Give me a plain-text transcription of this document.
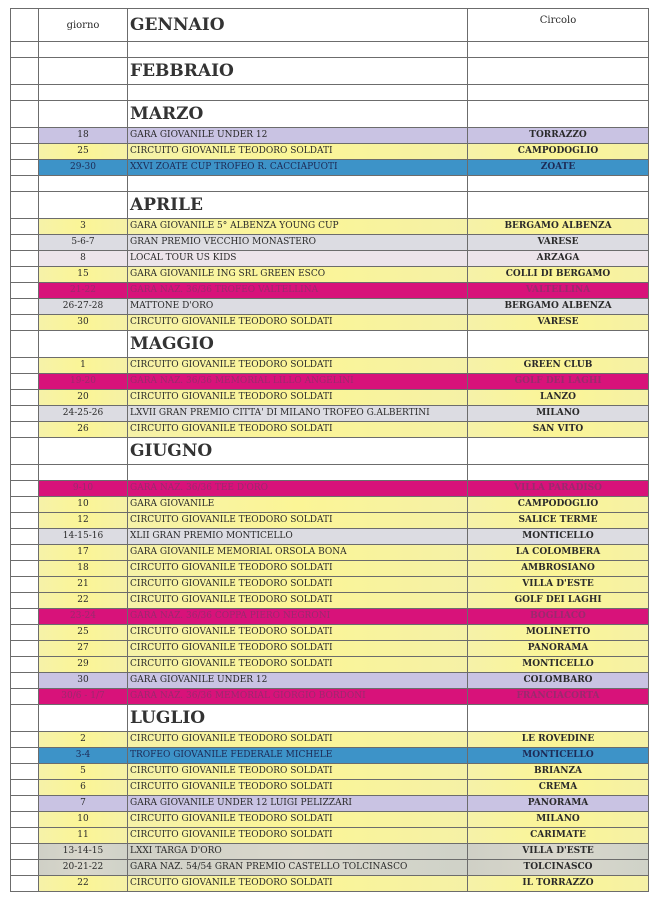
	giorno	GENNAIO	Circolo

		FEBBRAIO	

		MARZO	
	18	GARA GIOVANILE UNDER 12	TORRAZZO
	25	CIRCUITO GIOVANILE TEODORO SOLDATI	CAMPODOGLIO
	29-30	XXVI ZOATE CUP TROFEO R. CACCIAPUOTI	ZOATE

		APRILE	
	3	GARA GIOVANILE 5° ALBENZA YOUNG CUP	BERGAMO ALBENZA
	5-6-7	GRAN PREMIO VECCHIO MONASTERO	VARESE
	8	LOCAL TOUR US KIDS	ARZAGA
	15	GARA GIOVANILE ING SRL GREEN ESCO	COLLI DI BERGAMO
	21-22	GARA NAZ. 36/36 TROFEO VALTELLINA	VALTELLINA
	26-27-28	MATTONE D'ORO	BERGAMO ALBENZA
	30	CIRCUITO GIOVANILE TEODORO SOLDATI	VARESE
		MAGGIO	
	1	CIRCUITO GIOVANILE TEODORO SOLDATI	GREEN CLUB
	19-20	GARA NAZ. 36/36 MEMORIAL LILLO ANGELINI	GOLF DEI LAGHI
	20	CIRCUITO GIOVANILE TEODORO SOLDATI	LANZO
	24-25-26	LXVII GRAN PREMIO CITTA' DI MILANO TROFEO G.ALBERTINI	MILANO
	26	CIRCUITO GIOVANILE TEODORO SOLDATI	SAN VITO
		GIUGNO	

	9-10	GARA NAZ. 36/36 TEE D'ORO	VILLA PARADISO
	10	GARA GIOVANILE	CAMPODOGLIO
	12	CIRCUITO GIOVANILE TEODORO SOLDATI	SALICE TERME
	14-15-16	XLII GRAN PREMIO MONTICELLO	MONTICELLO
	17	GARA GIOVANILE MEMORIAL ORSOLA BONA	LA COLOMBERA
	18	CIRCUITO GIOVANILE TEODORO SOLDATI	AMBROSIANO
	21	CIRCUITO GIOVANILE TEODORO SOLDATI	VILLA D'ESTE
	22	CIRCUITO GIOVANILE TEODORO SOLDATI	GOLF DEI LAGHI
	23-24	GARA NAZ. 36/36 COPPA PIERO NEGRONI	BOGLIACO
	25	CIRCUITO GIOVANILE TEODORO SOLDATI	MOLINETTO
	27	CIRCUITO GIOVANILE TEODORO SOLDATI	PANORAMA
	29	CIRCUITO GIOVANILE TEODORO SOLDATI	MONTICELLO
	30	GARA GIOVANILE UNDER 12	COLOMBARO
	30/6 - 1/7	GARA NAZ. 36/36 MEMORIAL GIORGIO BORDONI	FRANCIACORTA
		LUGLIO	
	2	CIRCUITO GIOVANILE TEODORO SOLDATI	LE ROVEDINE
	3-4	TROFEO GIOVANILE FEDERALE MICHELE	MONTICELLO
	5	CIRCUITO GIOVANILE TEODORO SOLDATI	BRIANZA
	6	CIRCUITO GIOVANILE TEODORO SOLDATI	CREMA
	7	GARA GIOVANILE UNDER 12 LUIGI PELIZZARI	PANORAMA
	10	CIRCUITO GIOVANILE TEODORO SOLDATI	MILANO
	11	CIRCUITO GIOVANILE TEODORO SOLDATI	CARIMATE
	13-14-15	LXXI TARGA D'ORO	VILLA D'ESTE
	20-21-22	GARA NAZ. 54/54 GRAN PREMIO CASTELLO TOLCINASCO	TOLCINASCO
	22	CIRCUITO GIOVANILE TEODORO SOLDATI	IL TORRAZZO
